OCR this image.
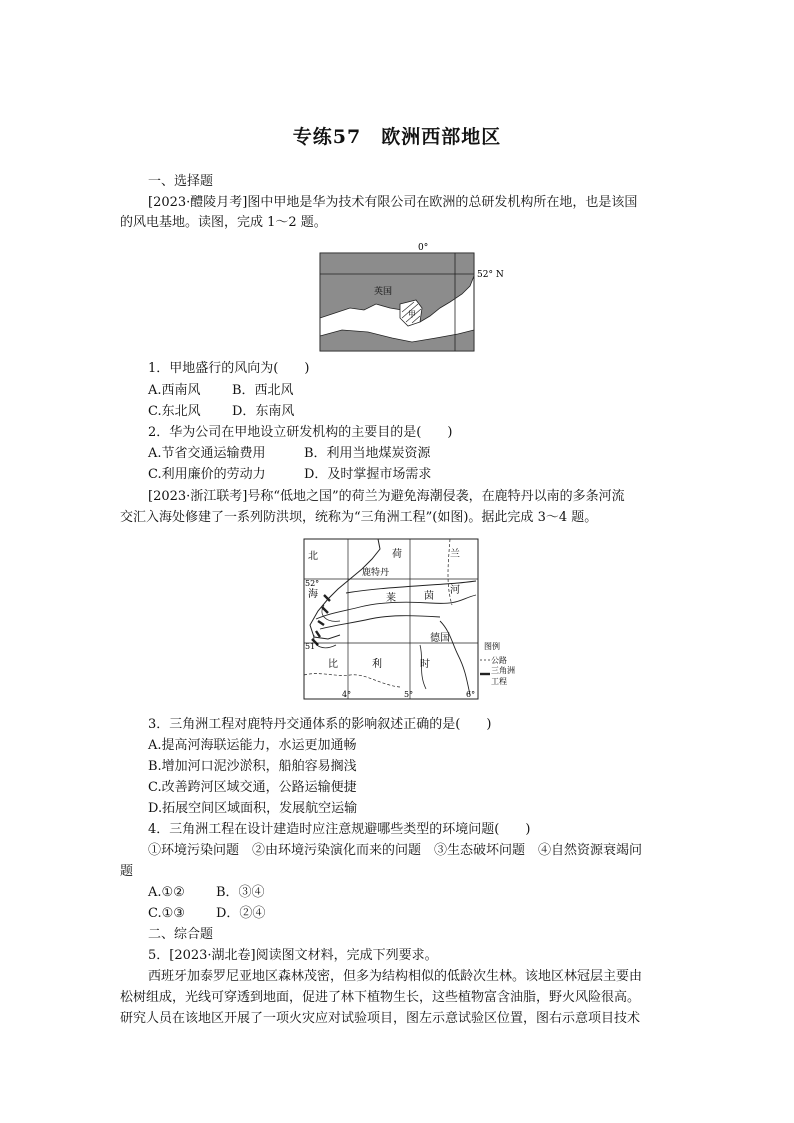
专练57　欧洲西部地区
一、选择题
[2023·醴陵月考]图中甲地是华为技术有限公司在欧洲的总研发机构所在地，也是该国
的风电基地。读图，完成 1～2 题。
0°
52° N
英国
甲
1．甲地盛行的风向为(　　)
A.西南风 B．西北风
C.东北风 D．东南风
2．华为公司在甲地设立研发机构的主要目的是(　　)
A.节省交通运输费用	B．利用当地煤炭资源
C.利用廉价的劳动力	D．及时掌握市场需求
[2023·浙江联考]号称“低地之国”的荷兰为避免海潮侵袭，在鹿特丹以南的多条河流
交汇入海处修建了一系列防洪坝，统称为“三角洲工程”(如图)。据此完成 3～4 题。
北	荷	兰
海
鹿特丹
莱	茵
河
德国
比	利	时
52°
51°
4°	5°	6°
图例
公路
三角洲
工程
3．三角洲工程对鹿特丹交通体系的影响叙述正确的是(　　)
A.提高河海联运能力，水运更加通畅
B.增加河口泥沙淤积，船舶容易搁浅
C.改善跨河区域交通，公路运输便捷
D.拓展空间区域面积，发展航空运输
4．三角洲工程在设计建造时应注意规避哪些类型的环境问题(　　)
①环境污染问题　②由环境污染演化而来的问题　③生态破坏问题　④自然资源衰竭问
题
A.①② B．③④
C.①③ D．②④
二、综合题
5．[2023·湖北卷]阅读图文材料，完成下列要求。
西班牙加泰罗尼亚地区森林茂密，但多为结构相似的低龄次生林。该地区林冠层主要由
松树组成，光线可穿透到地面，促进了林下植物生长，这些植物富含油脂，野火风险很高。
研究人员在该地区开展了一项火灾应对试验项目，图左示意试验区位置，图右示意项目技术
